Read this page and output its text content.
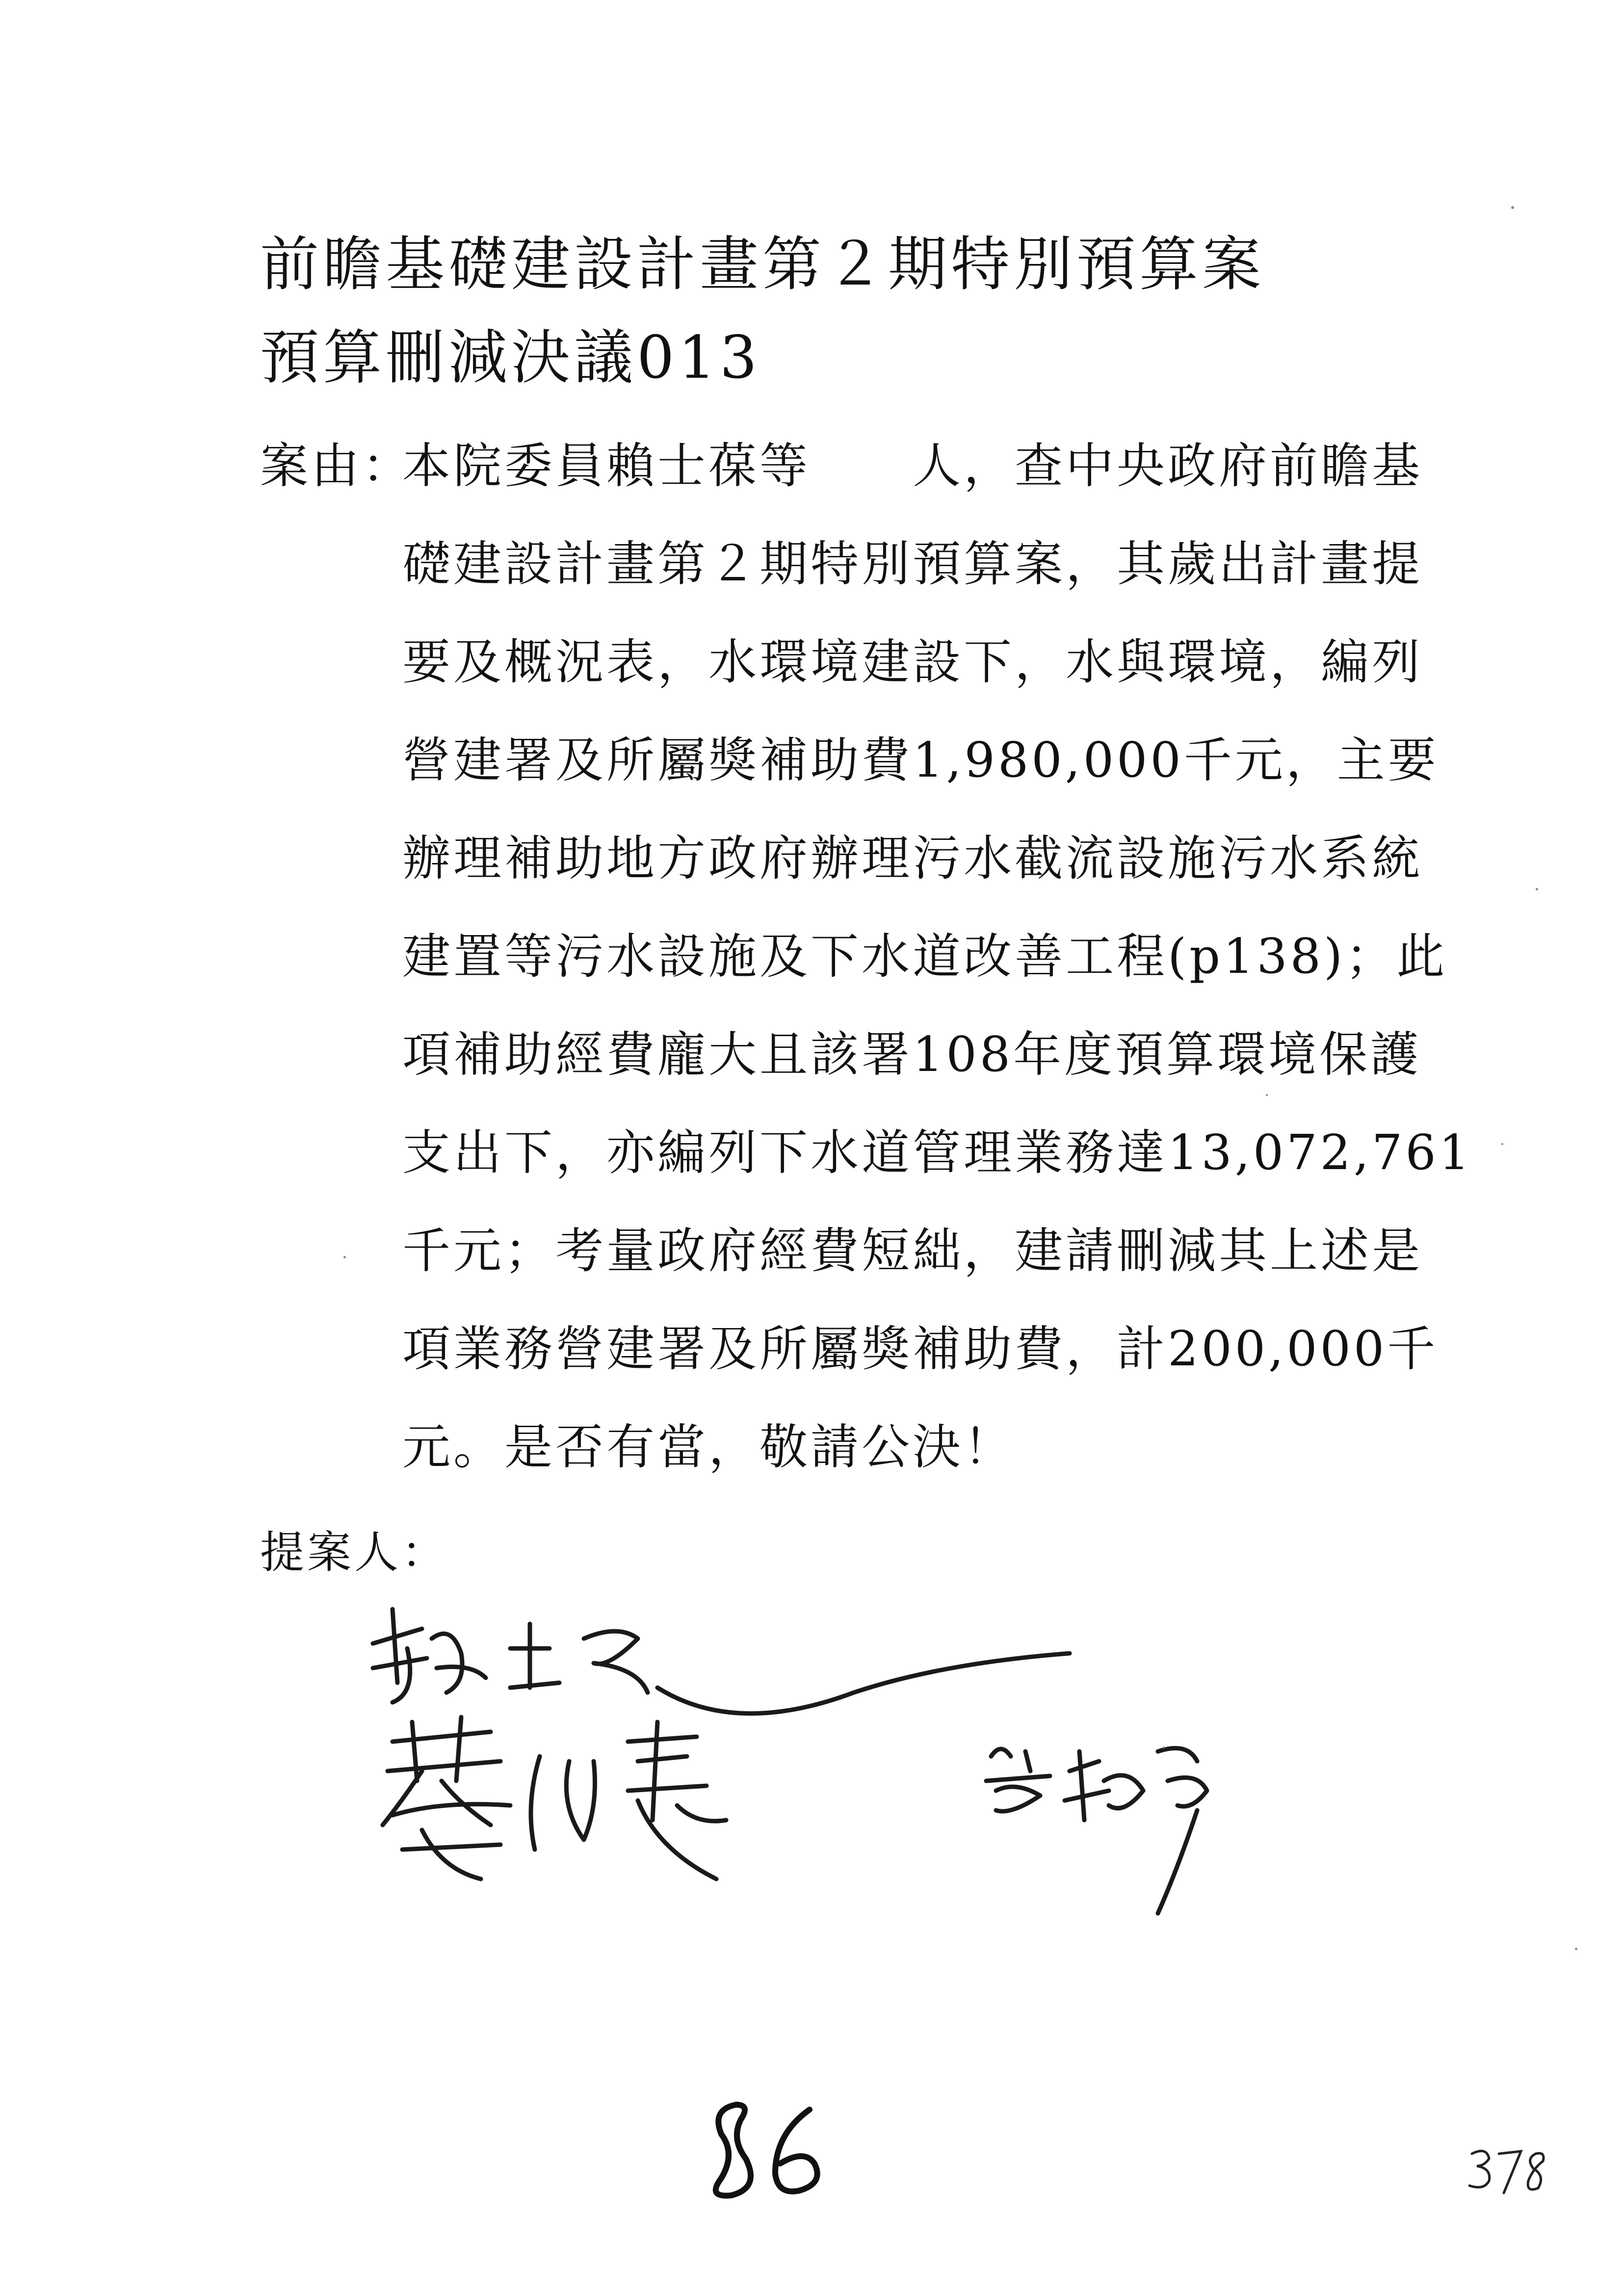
前瞻基礎建設計畫第２期特別預算案
預算刪減決議013
案由：
本院委員賴士葆等　　人，查中央政府前瞻基
礎建設計畫第２期特別預算案，其歲出計畫提
要及概況表，水環境建設下，水與環境，編列
營建署及所屬獎補助費1,980,000千元，主要
辦理補助地方政府辦理污水截流設施污水系統
建置等污水設施及下水道改善工程(p138)；此
項補助經費龐大且該署108年度預算環境保護
支出下，亦編列下水道管理業務達13,072,761
千元；考量政府經費短絀，建請刪減其上述是
項業務營建署及所屬獎補助費，計200,000千
元。是否有當，敬請公決！
提案人：
